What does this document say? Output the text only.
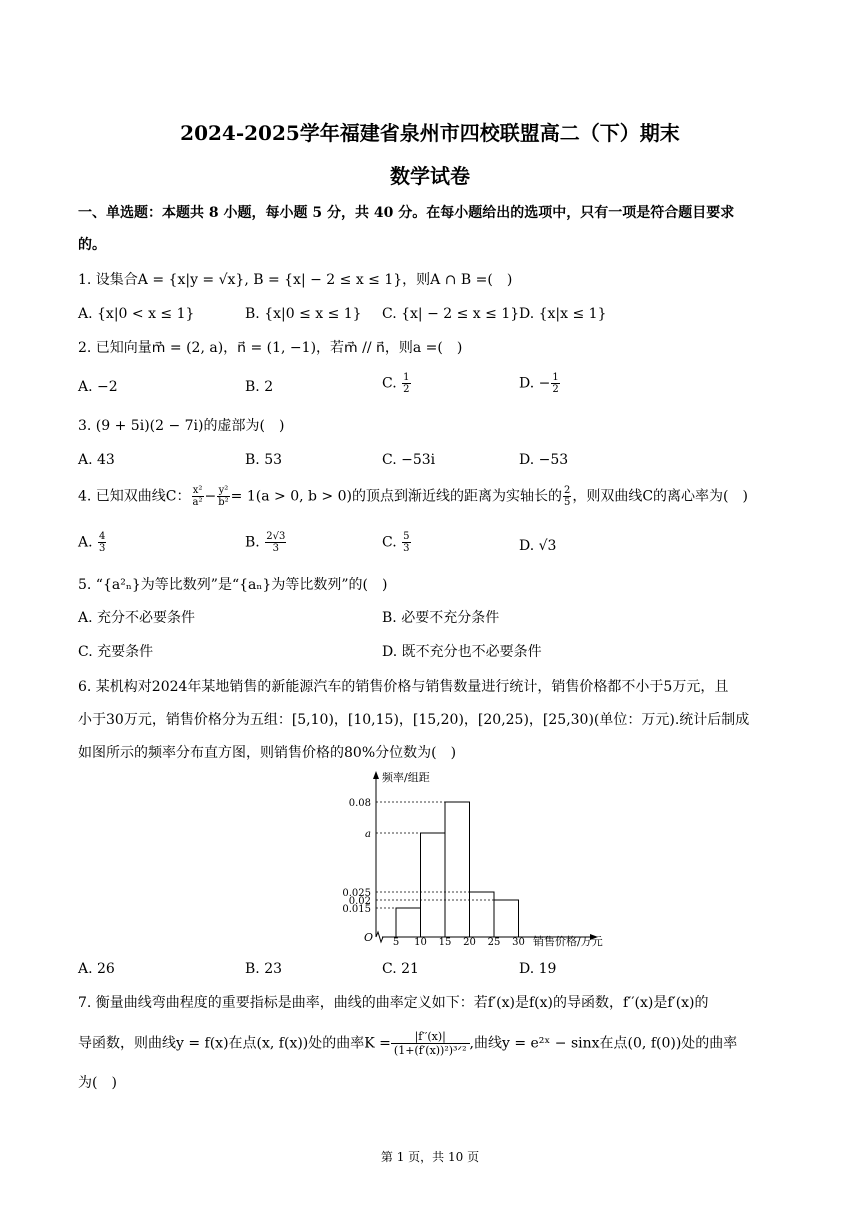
2024-2025学年福建省泉州市四校联盟高二（下）期末
数学试卷
一、单选题：本题共 8 小题，每小题 5 分，共 40 分。在每小题给出的选项中，只有一项是符合题目要求
的。
1. 设集合A = {x|y = √x}, B = {x| − 2 ≤ x ≤ 1}，则A ∩ B =(　)
A. {x|0 < x ≤ 1}	B. {x|0 ≤ x ≤ 1} C. {x| − 2 ≤ x ≤ 1} D. {x|x ≤ 1}
2. 已知向量m⃗ = (2, a)，n⃗ = (1, −1)，若m⃗ // n⃗，则a =(　)
A. −2	B. 2	C. $\frac{1}{2}$	D. − $\frac{1}{2}$
3. (9 + 5i)(2 − 7i)的虚部为(　)
A. 43	B. 53	C. −53i	D. −53
4. 已知双曲线C： $\frac{\text{x²}}{\text{a²}} - \frac{\text{y²}}{\text{b²}} = 1(a > 0$, b > 0)的顶点到渐近线的距离为实轴长的 $\frac{2}{5}$ ，则双曲线C的离心率为(　)
A. $\frac{4}{3}$	B. $\frac{2√3}{3}$	C. $\frac{5}{3}$	D. √3
5. “{a²ₙ}为等比数列”是“{aₙ}为等比数列”的(　)
A. 充分不必要条件	B. 必要不充分条件
C. 充要条件	D. 既不充分也不必要条件
6. 某机构对2024年某地销售的新能源汽车的销售价格与销售数量进行统计，销售价格都不小于5万元，且
小于30万元，销售价格分为五组：[5,10)，[10,15)，[15,20)，[20,25)，[25,30)(单位：万元).统计后制成
如图所示的频率分布直方图，则销售价格的80%分位数为(　)
频率/组距
销售价格/万元
O
0.08
a
0.025
0.02
0.015
5 10 15 20 25 30
A. 26	B. 23	C. 21	D. 19
7. 衡量曲线弯曲程度的重要指标是曲率，曲线的曲率定义如下：若f′(x)是f(x)的导函数，f′′(x)是f′(x)的
导函数，则曲线y = f(x)在点(x, f(x))处的曲率$K = \frac{|f''(x)|}{\text{(1+(f′(x))²)³ᐟ²}}$ ,曲线y = e²ˣ − sinx在点(0, f(0))处的曲率
为(　)
第 1 页，共 10 页
